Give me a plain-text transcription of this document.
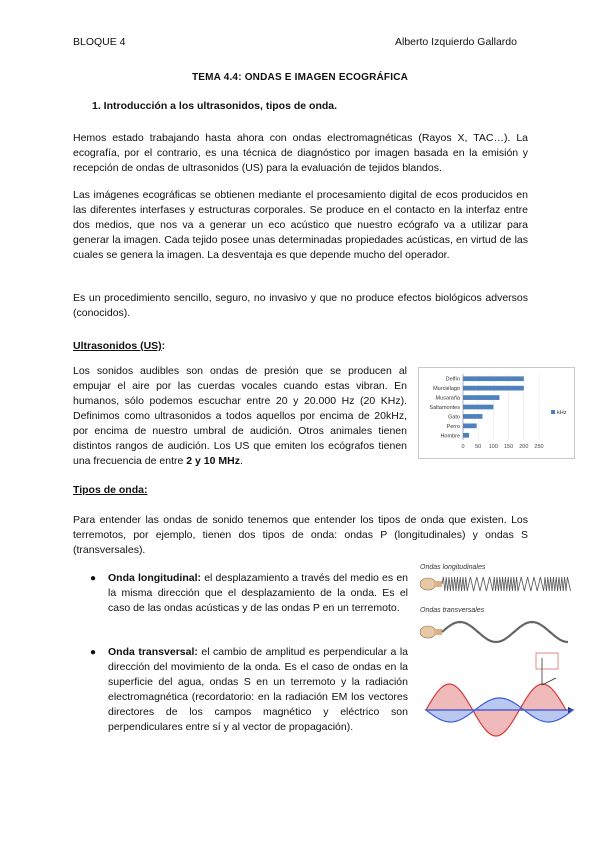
BLOQUE 4	Alberto Izquierdo Gallardo
TEMA 4.4: ONDAS E IMAGEN ECOGRÁFICA
1. Introducción a los ultrasonidos, tipos de onda.
Hemos estado trabajando hasta ahora con ondas electromagnéticas (Rayos X, TAC…). La ecografía, por el contrario, es una técnica de diagnóstico por imagen basada en la emisión y recepción de ondas de ultrasonidos (US) para la evaluación de tejidos blandos.
Las imágenes ecográficas se obtienen mediante el procesamiento digital de ecos producidos en las diferentes interfases y estructuras corporales. Se produce en el contacto en la interfaz entre dos medios, que nos va a generar un eco acústico que nuestro ecógrafo va a utilizar para generar la imagen. Cada tejido posee unas determinadas propiedades acústicas, en virtud de las cuales se genera la imagen. La desventaja es que depende mucho del operador.
Es un procedimiento sencillo, seguro, no invasivo y que no produce efectos biológicos adversos (conocidos).
Ultrasonidos (US):
Los sonidos audibles son ondas de presión que se producen al empujar el aire por las cuerdas vocales cuando estas vibran. En humanos, sólo podemos escuchar entre 20 y 20.000 Hz (20 KHz). Definimos como ultrasonidos a todos aquellos por encima de 20kHz, por encima de nuestro umbral de audición. Otros animales tienen distintos rangos de audición. Los US que emiten los ecógrafos tienen una frecuencia de entre 2 y 10 MHz.
0 50 100 150 200 250
Delfín
Murciélago
Musaraña
Saltamontes
Gato
Perro
Hombre
kHz
Tipos de onda:
Para entender las ondas de sonido tenemos que entender los tipos de onda que existen. Los terremotos, por ejemplo, tienen dos tipos de onda: ondas P (longitudinales) y ondas S (transversales).
● Onda longitudinal: el desplazamiento a través del medio es en la misma dirección que el desplazamiento de la onda. Es el caso de las ondas acústicas y de las ondas P en un terremoto.
● Onda transversal: el cambio de amplitud es perpendicular a la dirección del movimiento de la onda. Es el caso de ondas en la superficie del agua, ondas S en un terremoto y la radiación electromagnética (recordatorio: en la radiación EM los vectores directores de los campos magnético y eléctrico son perpendiculares entre sí y al vector de propagación).
Ondas longitudinales
Ondas transversales
